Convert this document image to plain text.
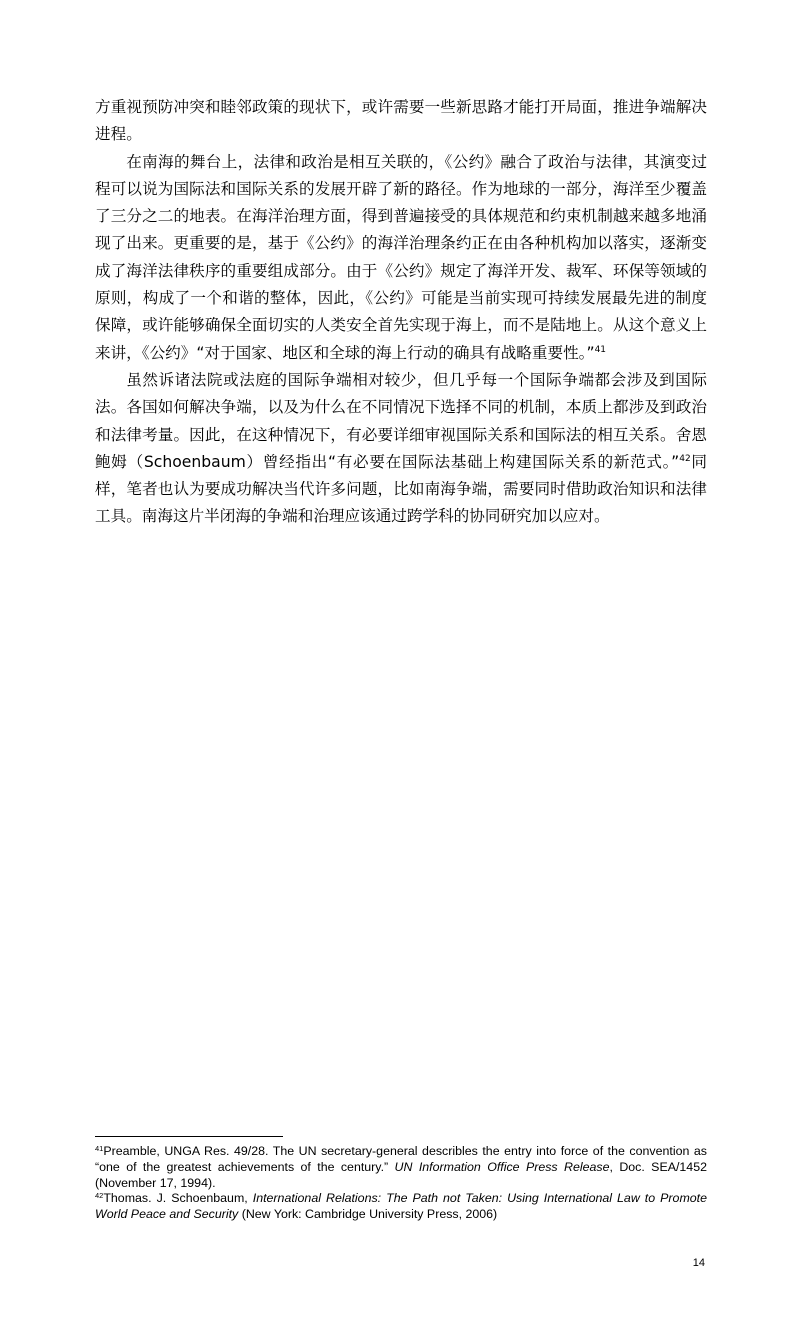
方重视预防冲突和睦邻政策的现状下，或许需要一些新思路才能打开局面，推进争端解决进程。

在南海的舞台上，法律和政治是相互关联的，《公约》融合了政治与法律，其演变过程可以说为国际法和国际关系的发展开辟了新的路径。作为地球的一部分，海洋至少覆盖了三分之二的地表。在海洋治理方面，得到普遍接受的具体规范和约束机制越来越多地涌现了出来。更重要的是，基于《公约》的海洋治理条约正在由各种机构加以落实，逐渐变成了海洋法律秩序的重要组成部分。由于《公约》规定了海洋开发、裁军、环保等领域的原则，构成了一个和谐的整体，因此，《公约》可能是当前实现可持续发展最先进的制度保障，或许能够确保全面切实的人类安全首先实现于海上，而不是陆地上。从这个意义上来讲，《公约》“对于国家、地区和全球的海上行动的确具有战略重要性。”$^{41}$

虽然诉诸法院或法庭的国际争端相对较少，但几乎每一个国际争端都会涉及到国际法。各国如何解决争端，以及为什么在不同情况下选择不同的机制，本质上都涉及到政治和法律考量。因此，在这种情况下，有必要详细审视国际关系和国际法的相互关系。舍恩鲍姆（Schoenbaum）曾经指出“有必要在国际法基础上构建国际关系的新范式。”$^{42}$同样，笔者也认为要成功解决当代许多问题，比如南海争端，需要同时借助政治知识和法律工具。南海这片半闭海的争端和治理应该通过跨学科的协同研究加以应对。

$^{41}$Preamble, UNGA Res. 49/28. The UN secretary-general describles the entry into force of the convention as “one of the greatest achievements of the century.” UN Information Office Press Release, Doc. SEA/1452 (November 17, 1994).

$^{42}$Thomas. J. Schoenbaum, International Relations: The Path not Taken: Using International Law to Promote World Peace and Security (New York: Cambridge University Press, 2006)

14
